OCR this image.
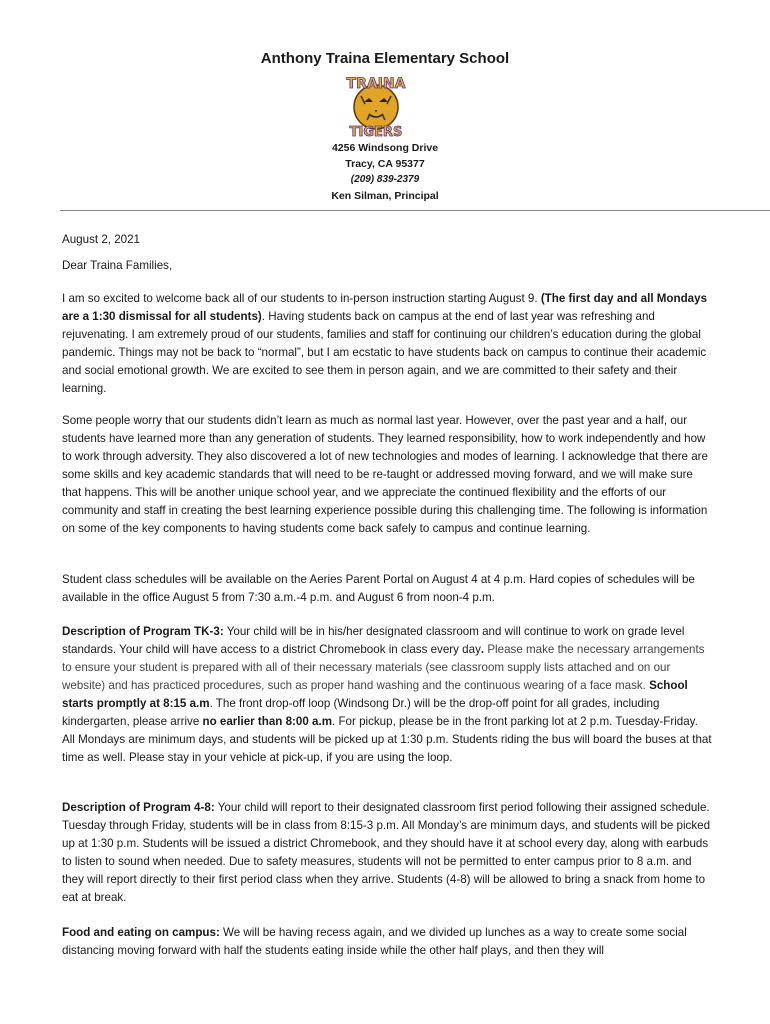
Anthony Traina Elementary School
TRAINA
TIGERS
4256 Windsong Drive
Tracy, CA 95377
(209) 839-2379
Ken Silman, Principal
August 2, 2021
Dear Traina Families,

I am so excited to welcome back all of our students to in-person instruction starting August 9. (The first day and all Mondays are a 1:30 dismissal for all students). Having students back on campus at the end of last year was refreshing and rejuvenating. I am extremely proud of our students, families and staff for continuing our children’s education during the global pandemic. Things may not be back to “normal”, but I am ecstatic to have students back on campus to continue their academic and social emotional growth. We are excited to see them in person again, and we are committed to their safety and their learning.

Some people worry that our students didn’t learn as much as normal last year. However, over the past year and a half, our students have learned more than any generation of students. They learned responsibility, how to work independently and how to work through adversity. They also discovered a lot of new technologies and modes of learning. I acknowledge that there are some skills and key academic standards that will need to be re-taught or addressed moving forward, and we will make sure that happens. This will be another unique school year, and we appreciate the continued flexibility and the efforts of our community and staff in creating the best learning experience possible during this challenging time. The following is information on some of the key components to having students come back safely to campus and continue learning.

Student class schedules will be available on the Aeries Parent Portal on August 4 at 4 p.m. Hard copies of schedules will be available in the office August 5 from 7:30 a.m.-4 p.m. and August 6 from noon-4 p.m.

Description of Program TK-3: Your child will be in his/her designated classroom and will continue to work on grade level standards. Your child will have access to a district Chromebook in class every day. Please make the necessary arrangements to ensure your student is prepared with all of their necessary materials (see classroom supply lists attached and on our website) and has practiced procedures, such as proper hand washing and the continuous wearing of a face mask. School starts promptly at 8:15 a.m. The front drop-off loop (Windsong Dr.) will be the drop-off point for all grades, including kindergarten, please arrive no earlier than 8:00 a.m. For pickup, please be in the front parking lot at 2 p.m. Tuesday-Friday. All Mondays are minimum days, and students will be picked up at 1:30 p.m. Students riding the bus will board the buses at that time as well. Please stay in your vehicle at pick-up, if you are using the loop.

Description of Program 4-8: Your child will report to their designated classroom first period following their assigned schedule. Tuesday through Friday, students will be in class from 8:15-3 p.m. All Monday’s are minimum days, and students will be picked up at 1:30 p.m. Students will be issued a district Chromebook, and they should have it at school every day, along with earbuds to listen to sound when needed. Due to safety measures, students will not be permitted to enter campus prior to 8 a.m. and they will report directly to their first period class when they arrive. Students (4-8) will be allowed to bring a snack from home to eat at break.

Food and eating on campus: We will be having recess again, and we divided up lunches as a way to create some social distancing moving forward with half the students eating inside while the other half plays, and then they will
